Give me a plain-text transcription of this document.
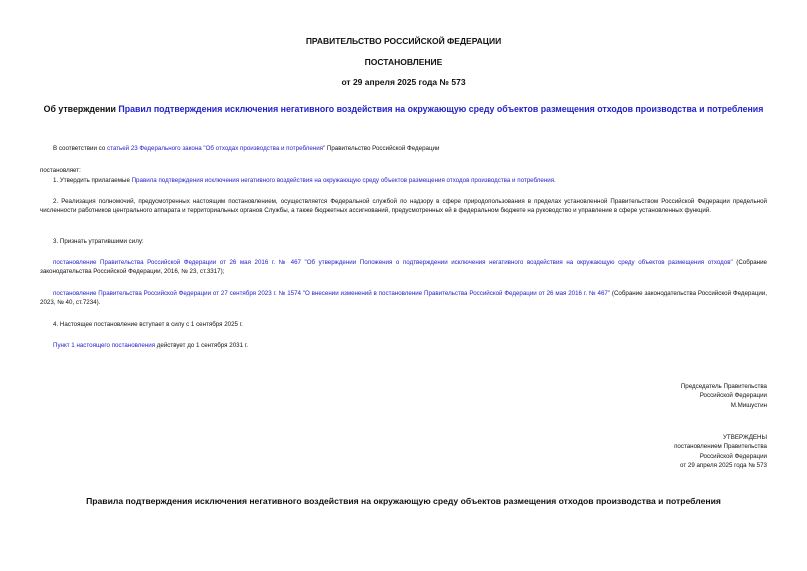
ПРАВИТЕЛЬСТВО РОССИЙСКОЙ ФЕДЕРАЦИИ
ПОСТАНОВЛЕНИЕ
от 29 апреля 2025 года № 573
Об утверждении Правил подтверждения исключения негативного воздействия на окружающую среду объектов размещения отходов производства и потребления
В соответствии со статьей 23 Федерального закона "Об отходах производства и потребления" Правительство Российской Федерации
постановляет:
1. Утвердить прилагаемые Правила подтверждения исключения негативного воздействия на окружающую среду объектов размещения отходов производства и потребления.
2. Реализация полномочий, предусмотренных настоящим постановлением, осуществляется Федеральной службой по надзору в сфере природопользования в пределах установленной Правительством Российской Федерации предельной численности работников центрального аппарата и территориальных органов Службы, а также бюджетных ассигнований, предусмотренных ей в федеральном бюджете на руководство и управление в сфере установленных функций.
3. Признать утратившими силу:
постановление Правительства Российской Федерации от 26 мая 2016 г. № 467 "Об утверждении Положения о подтверждении исключения негативного воздействия на окружающую среду объектов размещения отходов" (Собрание законодательства Российской Федерации, 2016, № 23, ст.3317);
постановление Правительства Российской Федерации от 27 сентября 2023 г. № 1574 "О внесении изменений в постановление Правительства Российской Федерации от 26 мая 2016 г. № 467" (Собрание законодательства Российской Федерации, 2023, № 40, ст.7234).
4. Настоящее постановление вступает в силу с 1 сентября 2025 г.
Пункт 1 настоящего постановления действует до 1 сентября 2031 г.
Председатель Правительства
Российской Федерации
М.Мишустин
УТВЕРЖДЕНЫ
постановлением Правительства
Российской Федерации
от 29 апреля 2025 года № 573
Правила подтверждения исключения негативного воздействия на окружающую среду объектов размещения отходов производства и потребления
